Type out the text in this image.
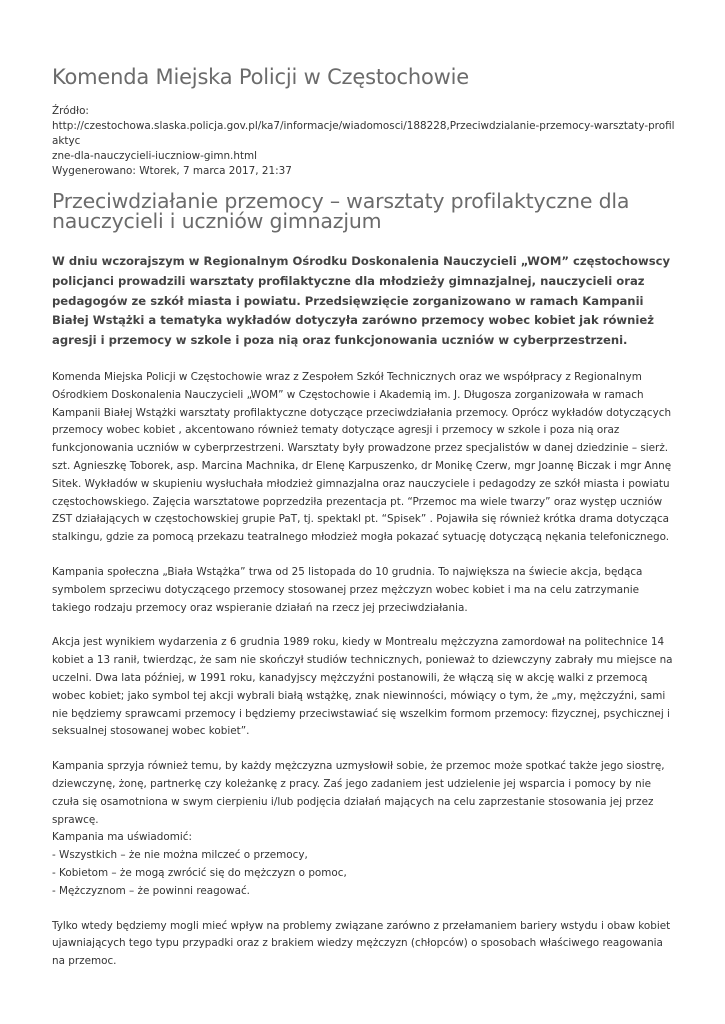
Komenda Miejska Policji w Częstochowie
Źródło:
http://czestochowa.slaska.policja.gov.pl/ka7/informacje/wiadomosci/188228,Przeciwdzialanie-przemocy-warsztaty-profilaktyc
zne-dla-nauczycieli-iuczniow-gimn.html
Wygenerowano: Wtorek, 7 marca 2017, 21:37
Przeciwdziałanie przemocy – warsztaty profilaktyczne dla nauczycieli i uczniów gimnazjum

W dniu wczorajszym w Regionalnym Ośrodku Doskonalenia Nauczycieli „WOM” częstochowscy policjanci prowadzili warsztaty profilaktyczne dla młodzieży gimnazjalnej, nauczycieli oraz pedagogów ze szkół miasta i powiatu. Przedsięwzięcie zorganizowano w ramach Kampanii Białej Wstążki a tematyka wykładów dotyczyła zarówno przemocy wobec kobiet jak również agresji i przemocy w szkole i poza nią oraz funkcjonowania uczniów w cyberprzestrzeni.

Komenda Miejska Policji w Częstochowie wraz z Zespołem Szkół Technicznych oraz we współpracy z Regionalnym Ośrodkiem Doskonalenia Nauczycieli „WOM” w Częstochowie i Akademią im. J. Długosza zorganizowała w ramach Kampanii Białej Wstążki warsztaty profilaktyczne dotyczące przeciwdziałania przemocy. Oprócz wykładów dotyczących przemocy wobec kobiet , akcentowano również tematy dotyczące agresji i przemocy w szkole i poza nią oraz funkcjonowania uczniów w cyberprzestrzeni. Warsztaty były prowadzone przez specjalistów w danej dziedzinie – sierż. szt. Agnieszkę Toborek, asp. Marcina Machnika, dr Elenę Karpuszenko, dr Monikę Czerw, mgr Joannę Biczak i mgr Annę Sitek. Wykładów w skupieniu wysłuchała młodzież gimnazjalna oraz nauczyciele i pedagodzy ze szkół miasta i powiatu częstochowskiego. Zajęcia warsztatowe poprzedziła prezentacja pt. “Przemoc ma wiele twarzy” oraz występ uczniów ZST działających w częstochowskiej grupie PaT, tj. spektakl pt. “Spisek” . Pojawiła się również krótka drama dotycząca stalkingu, gdzie za pomocą przekazu teatralnego młodzież mogła pokazać sytuację dotyczącą nękania telefonicznego.

Kampania społeczna „Biała Wstążka” trwa od 25 listopada do 10 grudnia. To największa na świecie akcja, będąca symbolem sprzeciwu dotyczącego przemocy stosowanej przez mężczyzn wobec kobiet i ma na celu zatrzymanie takiego rodzaju przemocy oraz wspieranie działań na rzecz jej przeciwdziałania.

Akcja jest wynikiem wydarzenia z 6 grudnia 1989 roku, kiedy w Montrealu mężczyzna zamordował na politechnice 14 kobiet a 13 ranił, twierdząc, że sam nie skończył studiów technicznych, ponieważ to dziewczyny zabrały mu miejsce na uczelni. Dwa lata później, w 1991 roku, kanadyjscy mężczyźni postanowili, że włączą się w akcję walki z przemocą wobec kobiet; jako symbol tej akcji wybrali białą wstążkę, znak niewinności, mówiący o tym, że „my, mężczyźni, sami nie będziemy sprawcami przemocy i będziemy przeciwstawiać się wszelkim formom przemocy: fizycznej, psychicznej i seksualnej stosowanej wobec kobiet”.

Kampania sprzyja również temu, by każdy mężczyzna uzmysłowił sobie, że przemoc może spotkać także jego siostrę, dziewczynę, żonę, partnerkę czy koleżankę z pracy. Zaś jego zadaniem jest udzielenie jej wsparcia i pomocy by nie czuła się osamotniona w swym cierpieniu i/lub podjęcia działań mających na celu zaprzestanie stosowania jej przez sprawcę.

Kampania ma uświadomić:
- Wszystkich – że nie można milczeć o przemocy,
- Kobietom – że mogą zwrócić się do mężczyzn o pomoc,
- Mężczyznom – że powinni reagować.

Tylko wtedy będziemy mogli mieć wpływ na problemy związane zarówno z przełamaniem bariery wstydu i obaw kobiet ujawniających tego typu przypadki oraz z brakiem wiedzy mężczyzn (chłopców) o sposobach właściwego reagowania na przemoc.
